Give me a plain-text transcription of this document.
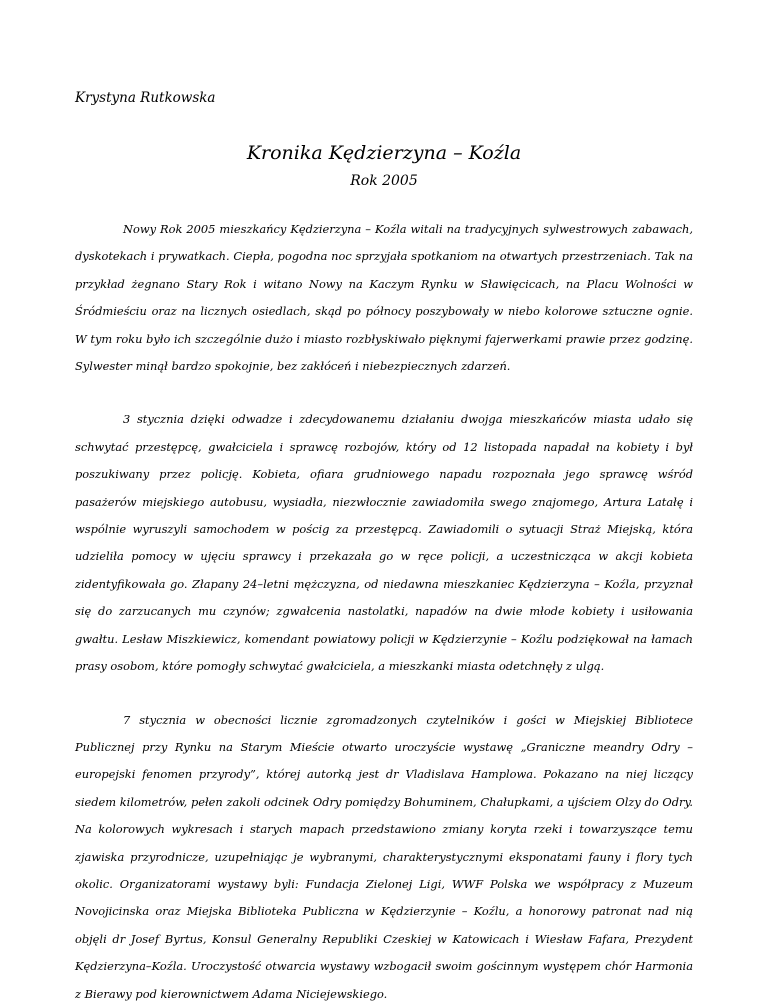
Krystyna Rutkowska

Kronika Kędzierzyna – Koźla
Rok 2005

Nowy Rok 2005 mieszkańcy Kędzierzyna – Koźla witali na tradycyjnych sylwestrowych zabawach, dyskotekach i prywatkach. Ciepła, pogodna noc sprzyjała spotkaniom na otwartych przestrzeniach. Tak na przykład żegnano Stary Rok i witano Nowy na Kaczym Rynku w Sławięcicach, na Placu Wolności w Śródmieściu oraz na licznych osiedlach, skąd po północy poszybowały w niebo kolorowe sztuczne ognie. W tym roku było ich szczególnie dużo i miasto rozbłyskiwało pięknymi fajerwerkami prawie przez godzinę. Sylwester minął bardzo spokojnie, bez zakłóceń i niebezpiecznych zdarzeń.

3 stycznia dzięki odwadze i zdecydowanemu działaniu dwojga mieszkańców miasta udało się schwytać przestępcę, gwałciciela i sprawcę rozbojów, który od 12 listopada napadał na kobiety i był poszukiwany przez policję. Kobieta, ofiara grudniowego napadu rozpoznała jego sprawcę wśród pasażerów miejskiego autobusu, wysiadła, niezwłocznie zawiadomiła swego znajomego, Artura Latałę i wspólnie wyruszyli samochodem w pościg za przestępcą. Zawiadomili o sytuacji Straż Miejską, która udzieliła pomocy w ujęciu sprawcy i przekazała go w ręce policji, a uczestnicząca w akcji kobieta zidentyfikowała go. Złapany 24–letni mężczyzna, od niedawna mieszkaniec Kędzierzyna – Koźla, przyznał się do zarzucanych mu czynów; zgwałcenia nastolatki, napadów na dwie młode kobiety i usiłowania gwałtu. Lesław Miszkiewicz, komendant powiatowy policji w Kędzierzynie – Koźlu podziękował na łamach prasy osobom, które pomogły schwytać gwałciciela, a mieszkanki miasta odetchnęły z ulgą.

7 stycznia w obecności licznie zgromadzonych czytelników i gości w Miejskiej Bibliotece Publicznej przy Rynku na Starym Mieście otwarto uroczyście wystawę „Graniczne meandry Odry – europejski fenomen przyrody”, której autorką jest dr Vladislava Hamplowa. Pokazano na niej liczący siedem kilometrów, pełen zakoli odcinek Odry pomiędzy Bohuminem, Chałupkami, a ujściem Olzy do Odry. Na kolorowych wykresach i starych mapach przedstawiono zmiany koryta rzeki i towarzyszące temu zjawiska przyrodnicze, uzupełniając je wybranymi, charakterystycznymi eksponatami fauny i flory tych okolic. Organizatorami wystawy byli: Fundacja Zielonej Ligi, WWF Polska we współpracy z Muzeum Novojicinska oraz Miejska Biblioteka Publiczna w Kędzierzynie – Koźlu, a honorowy patronat nad nią objęli dr Josef Byrtus, Konsul Generalny Republiki Czeskiej w Katowicach i Wiesław Fafara, Prezydent Kędzierzyna–Koźla. Uroczystość otwarcia wystawy wzbogacił swoim gościnnym występem chór Harmonia z Bierawy pod kierownictwem Adama Niciejewskiego.
